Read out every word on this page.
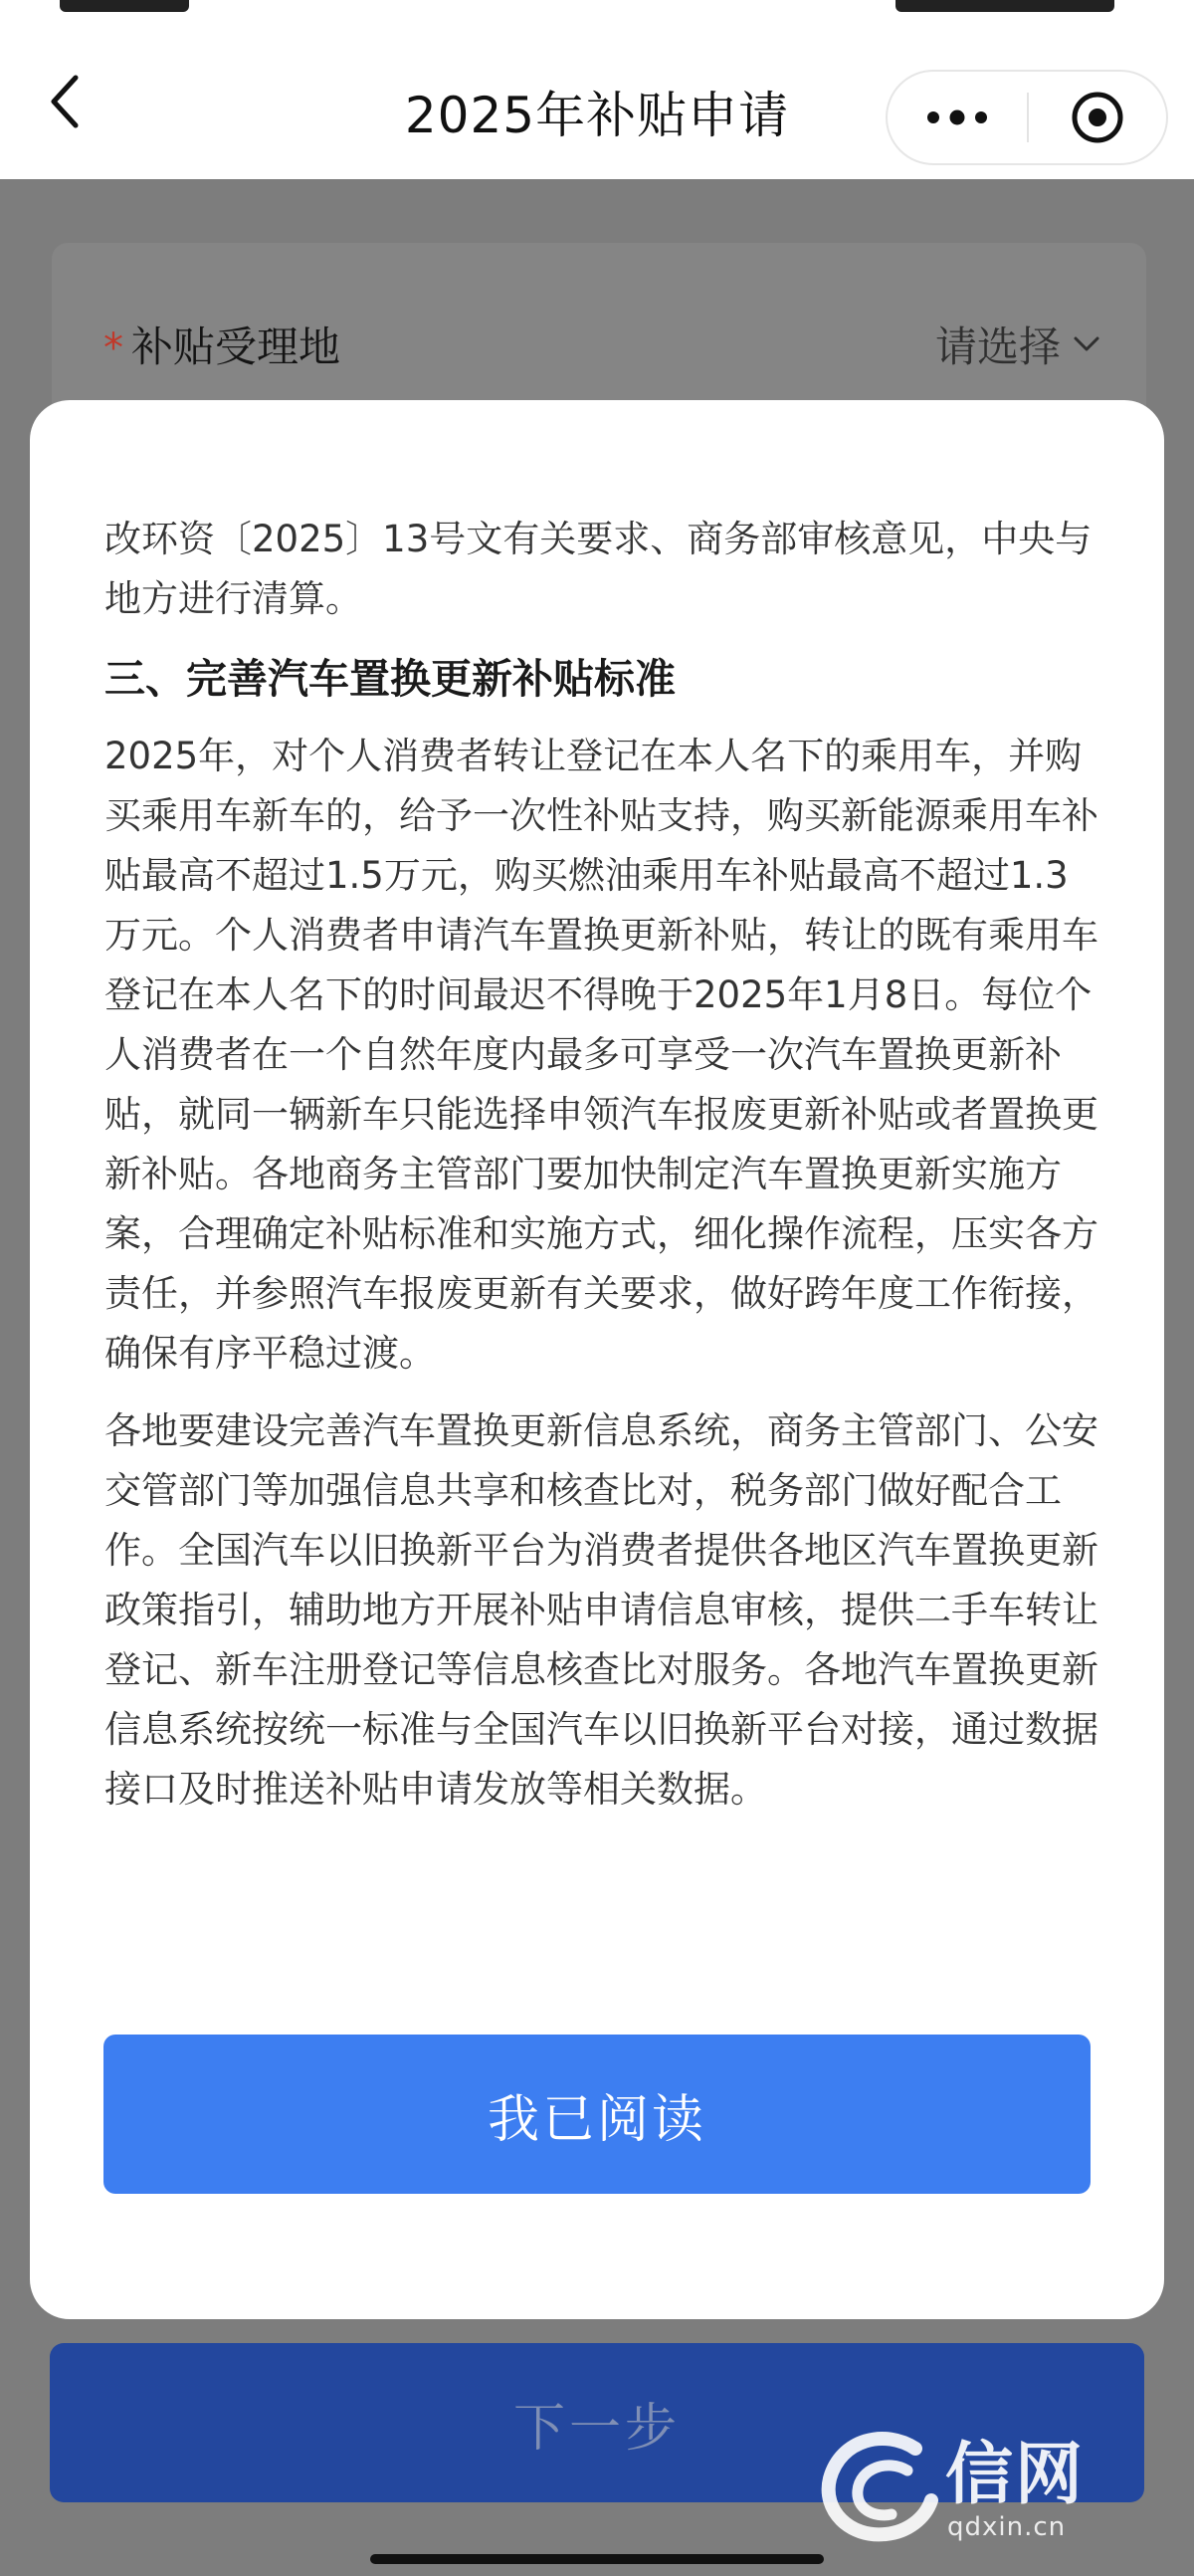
2025年补贴申请
* 补贴受理地	请选择
下一步
信网
qdxin.cn

改环资〔2025〕13号文有关要求、商务部审核意见，中央与地方进行清算。

三、完善汽车置换更新补贴标准

2025年，对个人消费者转让登记在本人名下的乘用车，并购买乘用车新车的，给予一次性补贴支持，购买新能源乘用车补贴最高不超过1.5万元，购买燃油乘用车补贴最高不超过1.3万元。个人消费者申请汽车置换更新补贴，转让的既有乘用车登记在本人名下的时间最迟不得晚于2025年1月8日。每位个人消费者在一个自然年度内最多可享受一次汽车置换更新补贴，就同一辆新车只能选择申领汽车报废更新补贴或者置换更新补贴。各地商务主管部门要加快制定汽车置换更新实施方案，合理确定补贴标准和实施方式，细化操作流程，压实各方责任，并参照汽车报废更新有关要求，做好跨年度工作衔接，确保有序平稳过渡。

各地要建设完善汽车置换更新信息系统，商务主管部门、公安交管部门等加强信息共享和核查比对，税务部门做好配合工作。全国汽车以旧换新平台为消费者提供各地区汽车置换更新政策指引，辅助地方开展补贴申请信息审核，提供二手车转让登记、新车注册登记等信息核查比对服务。各地汽车置换更新信息系统按统一标准与全国汽车以旧换新平台对接，通过数据接口及时推送补贴申请发放等相关数据。

我已阅读
